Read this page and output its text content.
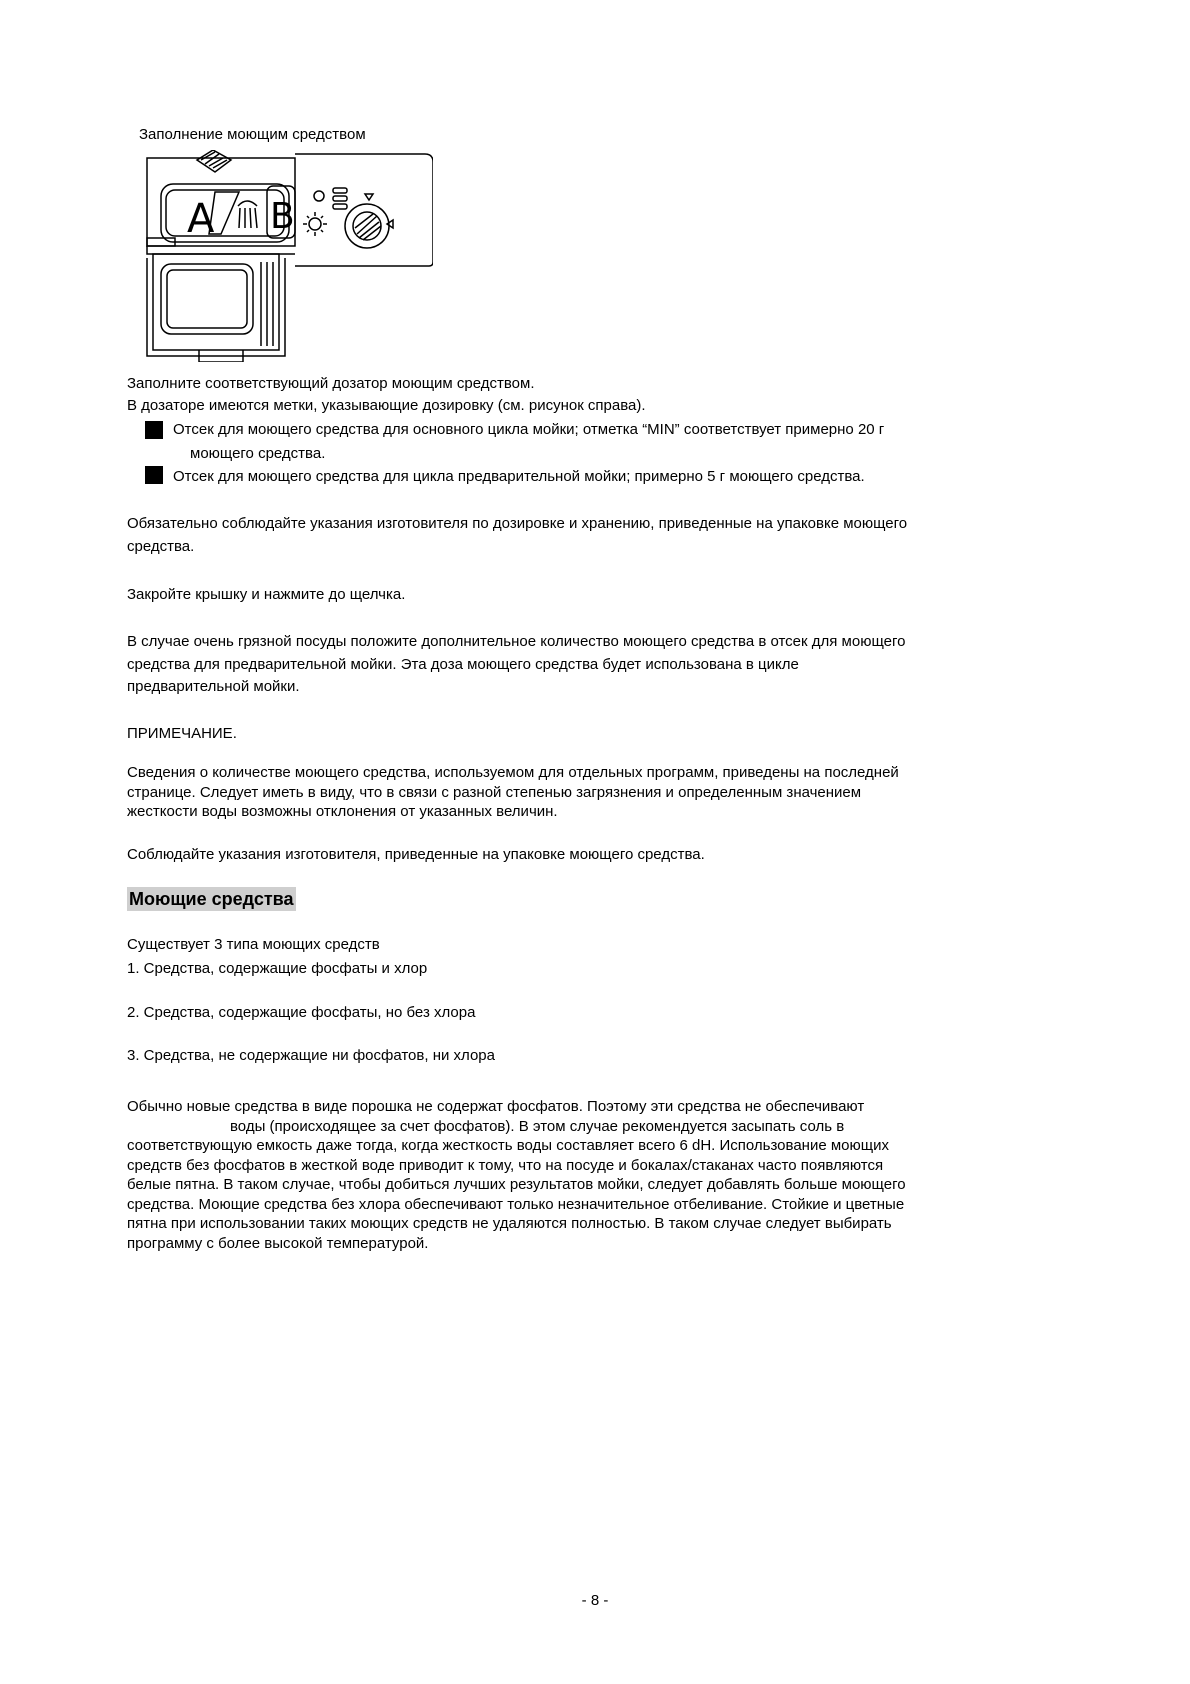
Заполнение моющим средством
A B
Заполните соответствующий дозатор моющим средством.
В дозаторе имеются метки, указывающие дозировку (см. рисунок справа).
Отсек для моющего средства для основного цикла мойки; отметка “MIN” соответствует примерно 20 г
моющего средства.
Отсек для моющего средства для цикла предварительной мойки; примерно 5 г моющего средства.
Обязательно соблюдайте указания изготовителя по дозировке и хранению, приведенные на упаковке моющего
средства.
Закройте крышку и нажмите до щелчка.
В случае очень грязной посуды положите дополнительное количество моющего средства в отсек для моющего
средства для предварительной мойки. Эта доза моющего средства будет использована в цикле
предварительной мойки.
ПРИМЕЧАНИЕ.
Сведения о количестве моющего средства, используемом для отдельных программ, приведены на последней
странице. Следует иметь в виду, что в связи с разной степенью загрязнения и определенным значением
жесткости воды возможны отклонения от указанных величин.
Соблюдайте указания изготовителя, приведенные на упаковке моющего средства.
Моющие средства
Существует 3 типа моющих средств
1. Средства, содержащие фосфаты и хлор
2. Средства, содержащие фосфаты, но без хлора
3. Средства, не содержащие ни фосфатов, ни хлора
Обычно новые средства в виде порошка не содержат фосфатов. Поэтому эти средства не обеспечивают
воды (происходящее за счет фосфатов). В этом случае рекомендуется засыпать соль в
соответствующую емкость даже тогда, когда жесткость воды составляет всего 6 dH. Использование моющих
средств без фосфатов в жесткой воде приводит к тому, что на посуде и бокалах/стаканах часто появляются
белые пятна. В таком случае, чтобы добиться лучших результатов мойки, следует добавлять больше моющего
средства. Моющие средства без хлора обеспечивают только незначительное отбеливание. Стойкие и цветные
пятна при использовании таких моющих средств не удаляются полностью. В таком случае следует выбирать
программу с более высокой температурой.
- 8 -
